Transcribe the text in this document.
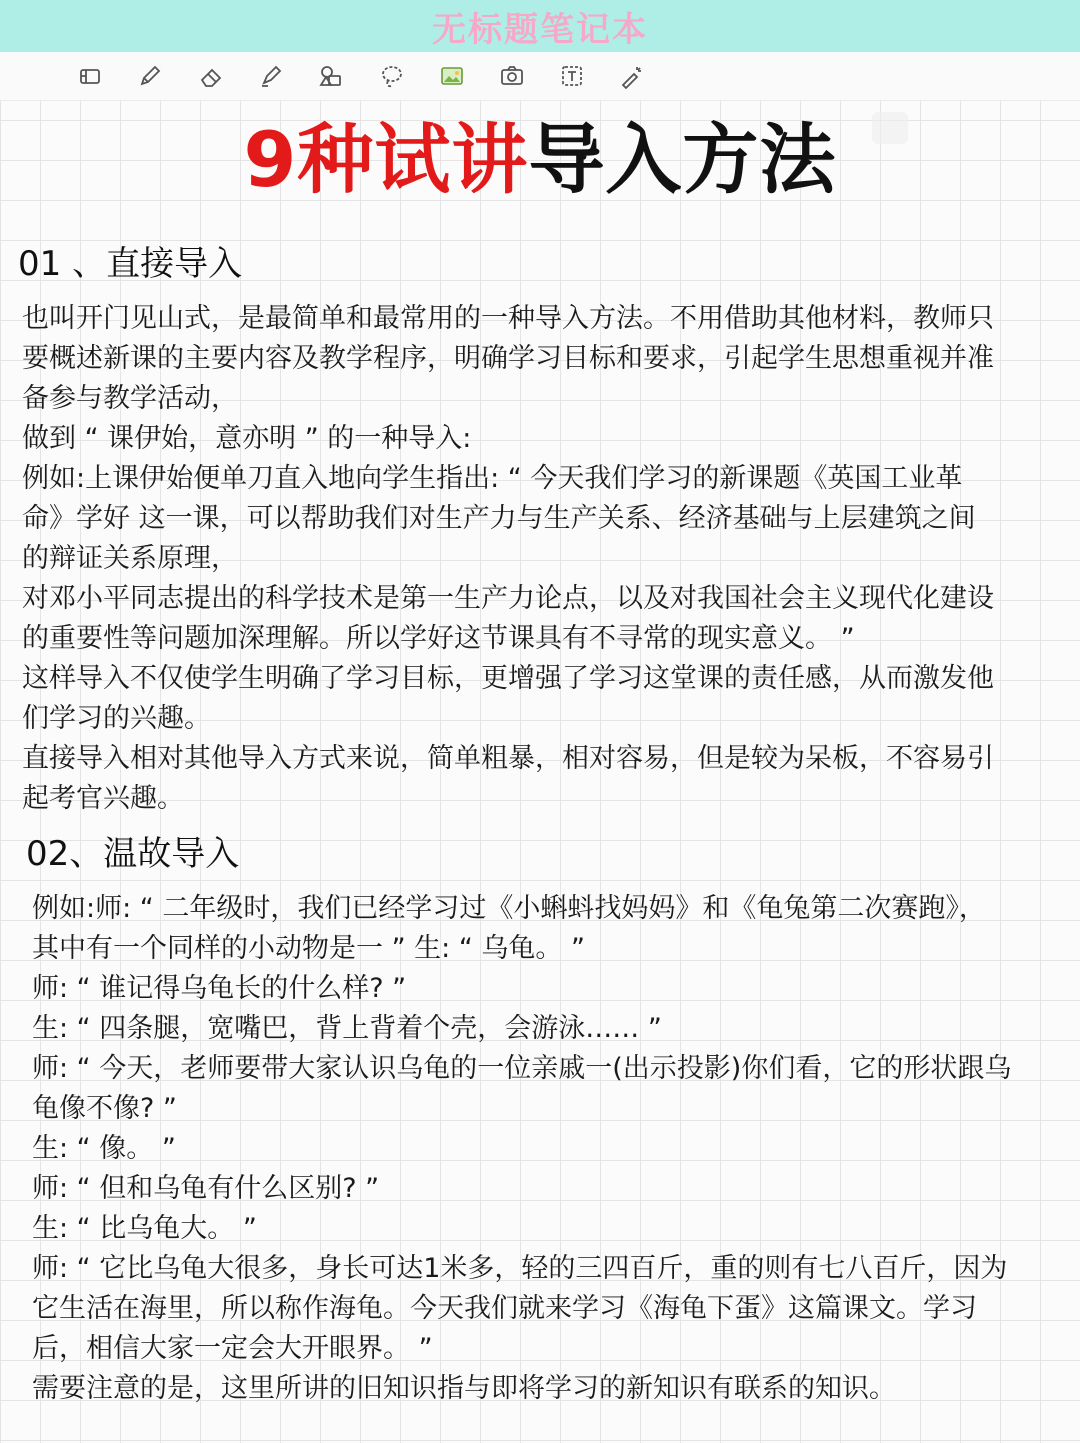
无标题笔记本
9种试讲导入方法
01 、直接导入
也叫开门见山式，是最简单和最常用的一种导入方法。不用借助其他材料，教师只
要概述新课的主要内容及教学程序，明确学习目标和要求，引起学生思想重视并准
备参与教学活动，
做到 “ 课伊始，意亦明 ” 的一种导入:
例如:上课伊始便单刀直入地向学生指出: “ 今天我们学习的新课题《英国工业革
命》学好 这一课，可以帮助我们对生产力与生产关系、经济基础与上层建筑之间
的辩证关系原理，
对邓小平同志提出的科学技术是第一生产力论点，以及对我国社会主义现代化建设
的重要性等问题加深理解。所以学好这节课具有不寻常的现实意义。 ”
这样导入不仅使学生明确了学习目标，更增强了学习这堂课的责任感，从而激发他
们学习的兴趣。
直接导入相对其他导入方式来说，简单粗暴，相对容易，但是较为呆板，不容易引
起考官兴趣。
02、温故导入
例如:师: “ 二年级时，我们已经学习过《小蝌蚪找妈妈》和《龟兔第二次赛跑》，
其中有一个同样的小动物是一 ” 生: “ 乌龟。 ”
师: “ 谁记得乌龟长的什么样? ”
生: “ 四条腿，宽嘴巴，背上背着个壳，会游泳…… ”
师: “ 今天，老师要带大家认识乌龟的一位亲戚一(出示投影)你们看，它的形状跟乌
龟像不像? ”
生: “ 像。 ”
师: “ 但和乌龟有什么区别? ”
生: “ 比乌龟大。 ”
师: “ 它比乌龟大很多，身长可达1米多，轻的三四百斤，重的则有七八百斤，因为
它生活在海里，所以称作海龟。今天我们就来学习《海龟下蛋》这篇课文。学习
后，相信大家一定会大开眼界。 ”
需要注意的是，这里所讲的旧知识指与即将学习的新知识有联系的知识。
